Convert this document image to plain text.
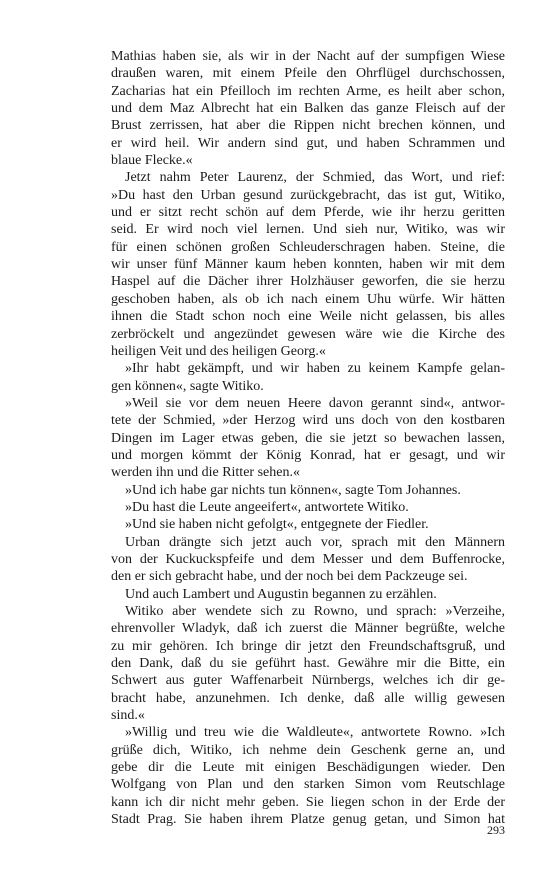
Mathias haben sie, als wir in der Nacht auf der sumpfigen Wiese
draußen waren, mit einem Pfeile den Ohrflügel durchschossen,
Zacharias hat ein Pfeilloch im rechten Arme, es heilt aber schon,
und dem Maz Albrecht hat ein Balken das ganze Fleisch auf der
Brust zerrissen, hat aber die Rippen nicht brechen können, und
er wird heil. Wir andern sind gut, und haben Schrammen und
blaue Flecke.«
Jetzt nahm Peter Laurenz, der Schmied, das Wort, und rief:
»Du hast den Urban gesund zurückgebracht, das ist gut, Witiko,
und er sitzt recht schön auf dem Pferde, wie ihr herzu geritten
seid. Er wird noch viel lernen. Und sieh nur, Witiko, was wir
für einen schönen großen Schleuderschragen haben. Steine, die
wir unser fünf Männer kaum heben konnten, haben wir mit dem
Haspel auf die Dächer ihrer Holzhäuser geworfen, die sie herzu
geschoben haben, als ob ich nach einem Uhu würfe. Wir hätten
ihnen die Stadt schon noch eine Weile nicht gelassen, bis alles
zerbröckelt und angezündet gewesen wäre wie die Kirche des
heiligen Veit und des heiligen Georg.«
»Ihr habt gekämpft, und wir haben zu keinem Kampfe gelan-
gen können«, sagte Witiko.
»Weil sie vor dem neuen Heere davon gerannt sind«, antwor-
tete der Schmied, »der Herzog wird uns doch von den kostbaren
Dingen im Lager etwas geben, die sie jetzt so bewachen lassen,
und morgen kömmt der König Konrad, hat er gesagt, und wir
werden ihn und die Ritter sehen.«
»Und ich habe gar nichts tun können«, sagte Tom Johannes.
»Du hast die Leute angeeifert«, antwortete Witiko.
»Und sie haben nicht gefolgt«, entgegnete der Fiedler.
Urban drängte sich jetzt auch vor, sprach mit den Männern
von der Kuckuckspfeife und dem Messer und dem Buffenrocke,
den er sich gebracht habe, und der noch bei dem Packzeuge sei.
Und auch Lambert und Augustin begannen zu erzählen.
Witiko aber wendete sich zu Rowno, und sprach: »Verzeihe,
ehrenvoller Wladyk, daß ich zuerst die Männer begrüßte, welche
zu mir gehören. Ich bringe dir jetzt den Freundschaftsgruß, und
den Dank, daß du sie geführt hast. Gewähre mir die Bitte, ein
Schwert aus guter Waffenarbeit Nürnbergs, welches ich dir ge-
bracht habe, anzunehmen. Ich denke, daß alle willig gewesen
sind.«
»Willig und treu wie die Waldleute«, antwortete Rowno. »Ich
grüße dich, Witiko, ich nehme dein Geschenk gerne an, und
gebe dir die Leute mit einigen Beschädigungen wieder. Den
Wolfgang von Plan und den starken Simon vom Reutschlage
kann ich dir nicht mehr geben. Sie liegen schon in der Erde der
Stadt Prag. Sie haben ihrem Platze genug getan, und Simon hat
293
